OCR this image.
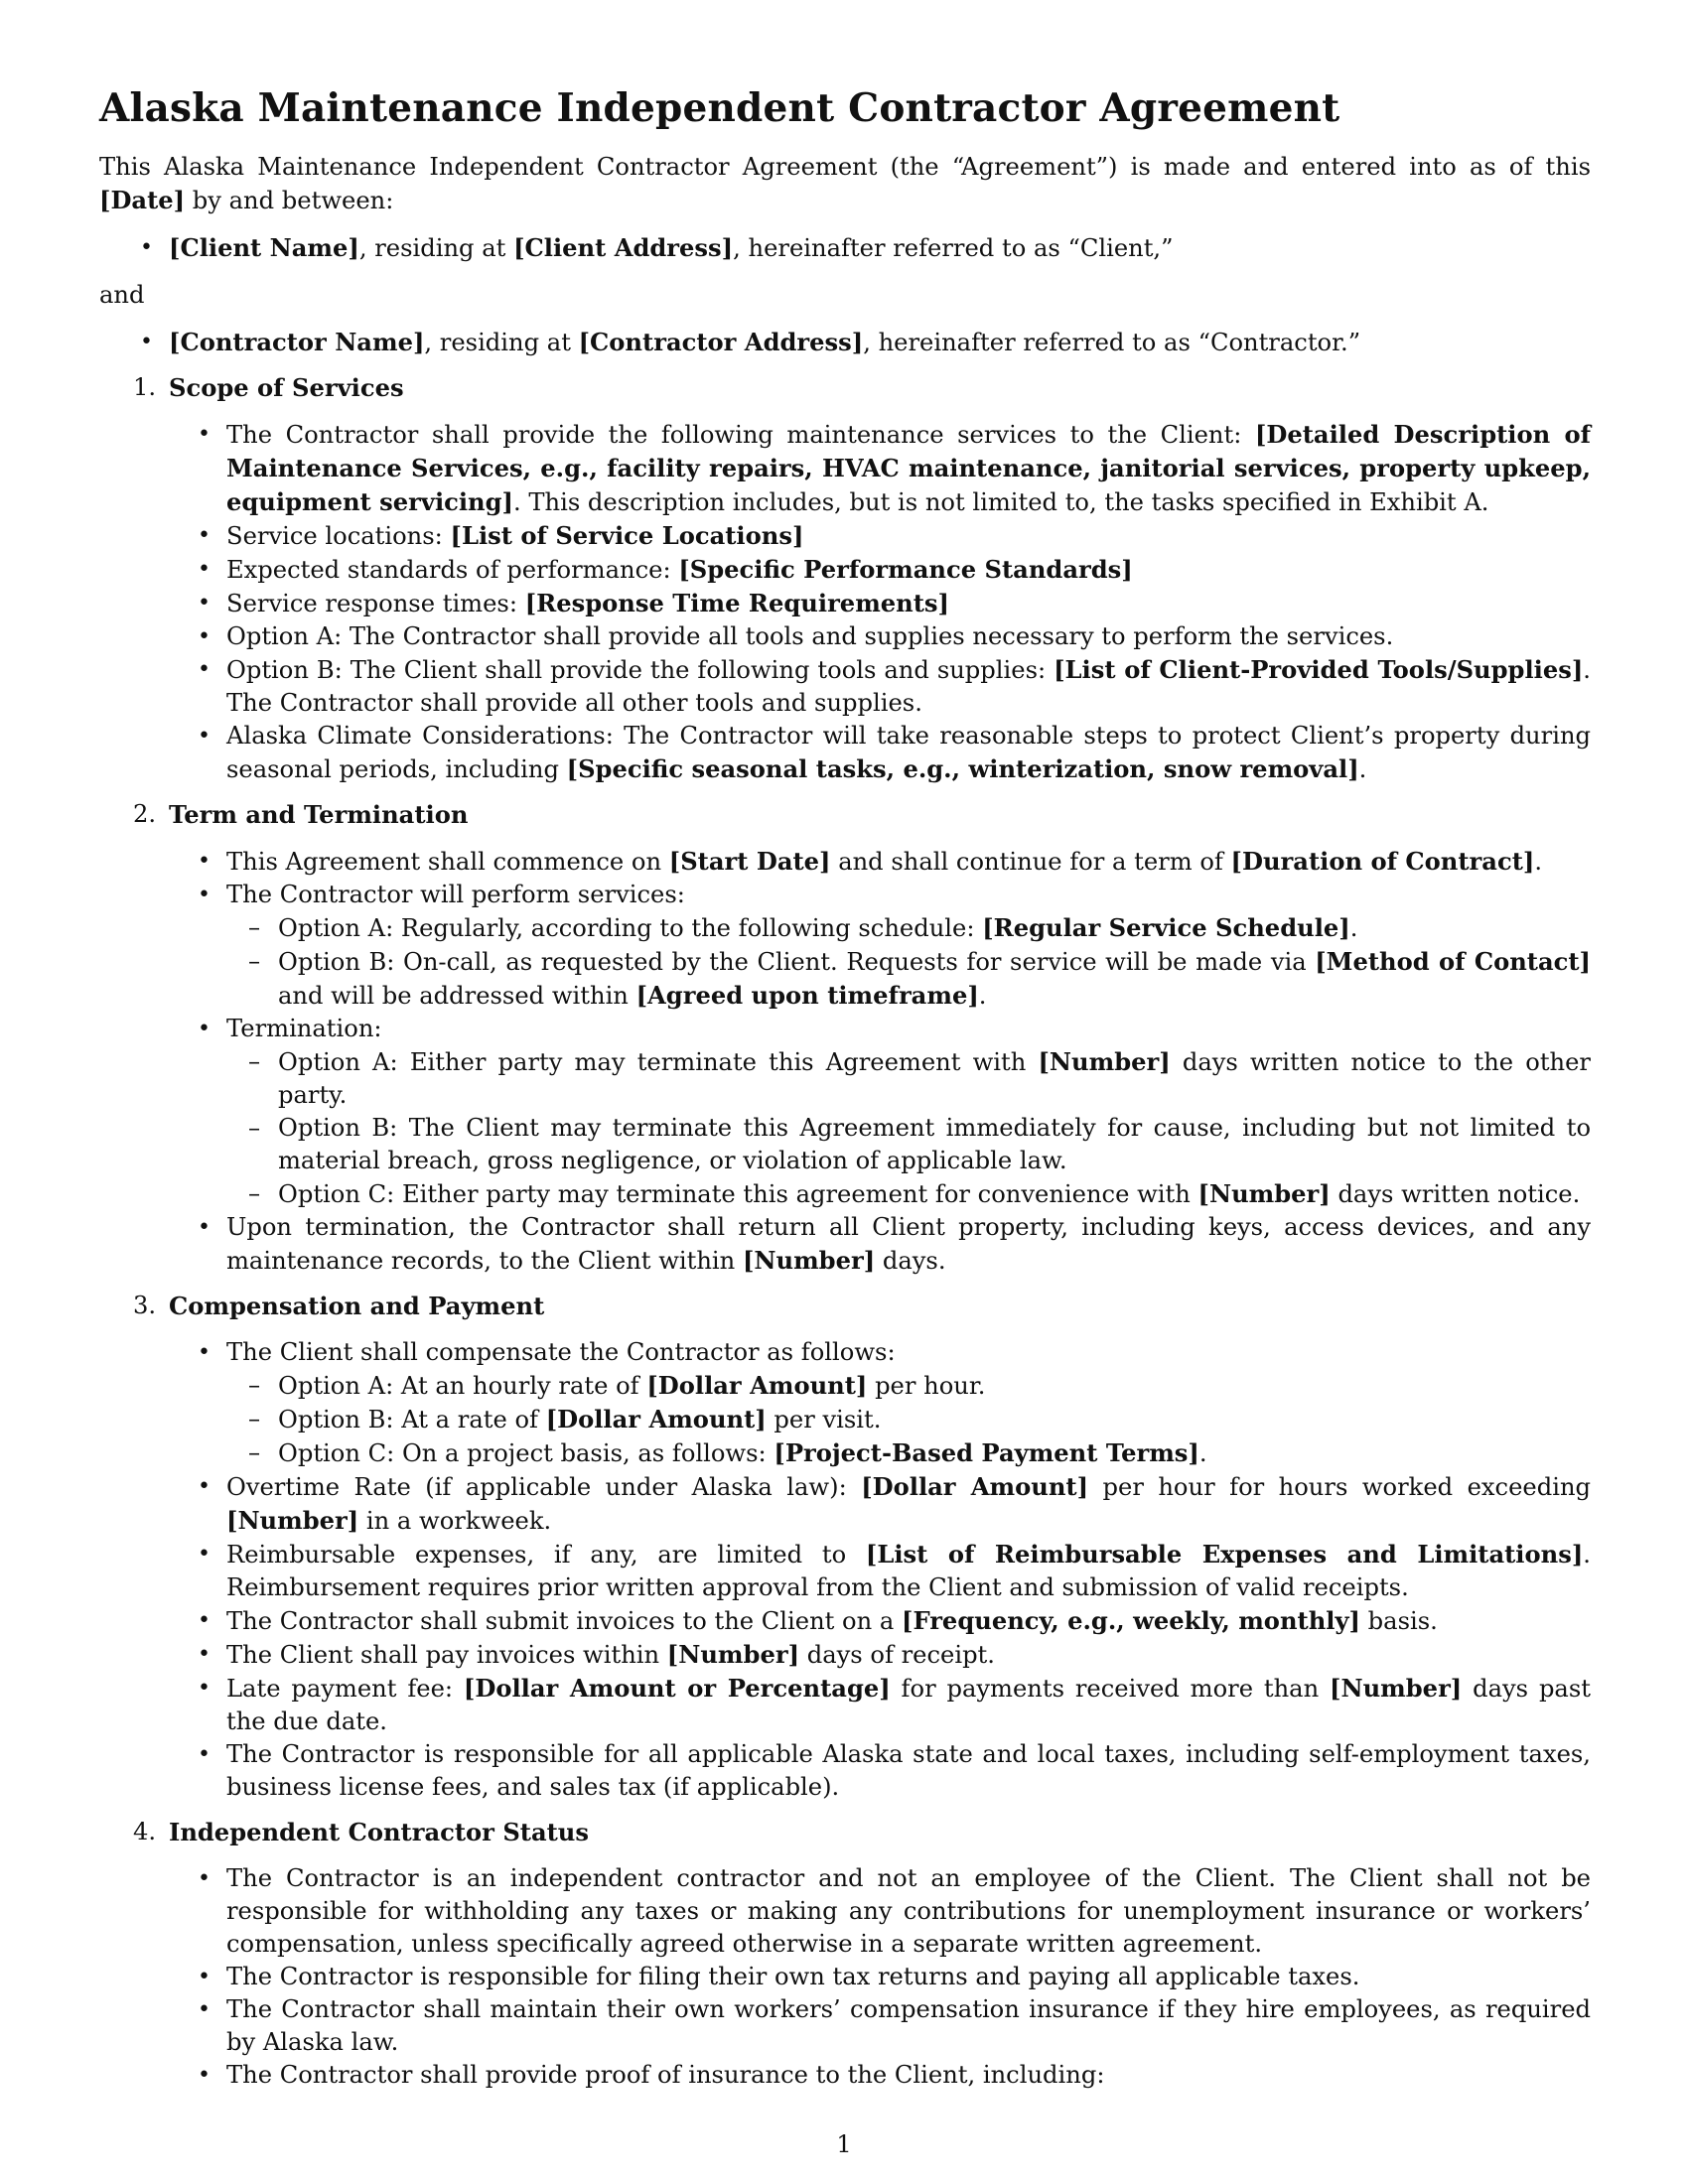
Alaska Maintenance Independent Contractor Agreement

This Alaska Maintenance Independent Contractor Agreement (the “Agreement”) is made and entered into as of this [Date] by and between:

• [Client Name], residing at [Client Address], hereinafter referred to as “Client,”

and

• [Contractor Name], residing at [Contractor Address], hereinafter referred to as “Contractor.”
1. Scope of Services
• The Contractor shall provide the following maintenance services to the Client: [Detailed Description of Maintenance Services, e.g., facility repairs, HVAC maintenance, janitorial services, property upkeep, equipment servicing]. This description includes, but is not limited to, the tasks specified in Exhibit A.
• Service locations: [List of Service Locations]
• Expected standards of performance: [Specific Performance Standards]
• Service response times: [Response Time Requirements]
• Option A: The Contractor shall provide all tools and supplies necessary to perform the services.
• Option B: The Client shall provide the following tools and supplies: [List of Client-Provided Tools/Supplies]. The Contractor shall provide all other tools and supplies.
• Alaska Climate Considerations: The Contractor will take reasonable steps to protect Client’s property during seasonal periods, including [Specific seasonal tasks, e.g., winterization, snow removal].
2. Term and Termination
• This Agreement shall commence on [Start Date] and shall continue for a term of [Duration of Contract].
• The Contractor will perform services:
– Option A: Regularly, according to the following schedule: [Regular Service Schedule].
– Option B: On-call, as requested by the Client. Requests for service will be made via [Method of Contact] and will be addressed within [Agreed upon timeframe].
• Termination:
– Option A: Either party may terminate this Agreement with [Number] days written notice to the other party.
– Option B: The Client may terminate this Agreement immediately for cause, including but not limited to material breach, gross negligence, or violation of applicable law.
– Option C: Either party may terminate this agreement for convenience with [Number] days written notice.
• Upon termination, the Contractor shall return all Client property, including keys, access devices, and any maintenance records, to the Client within [Number] days.
3. Compensation and Payment
• The Client shall compensate the Contractor as follows:
– Option A: At an hourly rate of [Dollar Amount] per hour.
– Option B: At a rate of [Dollar Amount] per visit.
– Option C: On a project basis, as follows: [Project-Based Payment Terms].
• Overtime Rate (if applicable under Alaska law): [Dollar Amount] per hour for hours worked exceeding [Number] in a workweek.
• Reimbursable expenses, if any, are limited to [List of Reimbursable Expenses and Limitations]. Reimbursement requires prior written approval from the Client and submission of valid receipts.
• The Contractor shall submit invoices to the Client on a [Frequency, e.g., weekly, monthly] basis.
• The Client shall pay invoices within [Number] days of receipt.
• Late payment fee: [Dollar Amount or Percentage] for payments received more than [Number] days past the due date.
• The Contractor is responsible for all applicable Alaska state and local taxes, including self-employment taxes, business license fees, and sales tax (if applicable).
4. Independent Contractor Status
• The Contractor is an independent contractor and not an employee of the Client. The Client shall not be responsible for withholding any taxes or making any contributions for unemployment insurance or workers’ compensation, unless specifically agreed otherwise in a separate written agreement.
• The Contractor is responsible for filing their own tax returns and paying all applicable taxes.
• The Contractor shall maintain their own workers’ compensation insurance if they hire employees, as required by Alaska law.
• The Contractor shall provide proof of insurance to the Client, including:
1
